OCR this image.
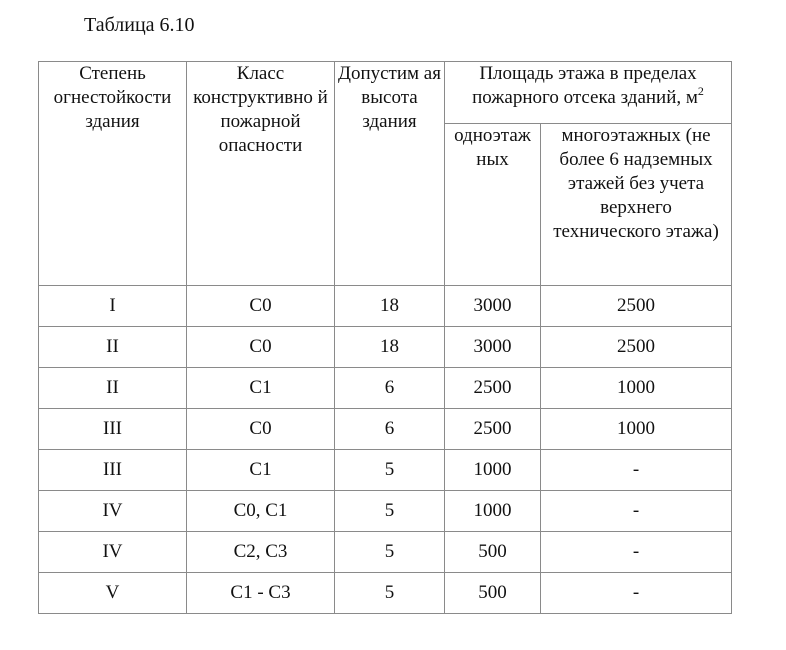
Таблица 6.10
Степень огнестойкости здания	Класс конструктивно й пожарной опасности	Допустим ая высота здания	Площадь этажа в пределах пожарного отсека зданий, $м^2$
			одноэтаж ных	многоэтажных (не более 6 надземных этажей без учета верхнего технического этажа)
I	С0	18	3000	2500
II	С0	18	3000	2500
II	С1	6	2500	1000
III	С0	6	2500	1000
III	С1	5	1000	-
IV	С0, С1	5	1000	-
IV	С2, С3	5	500	-
V	С1 - С3	5	500	-
